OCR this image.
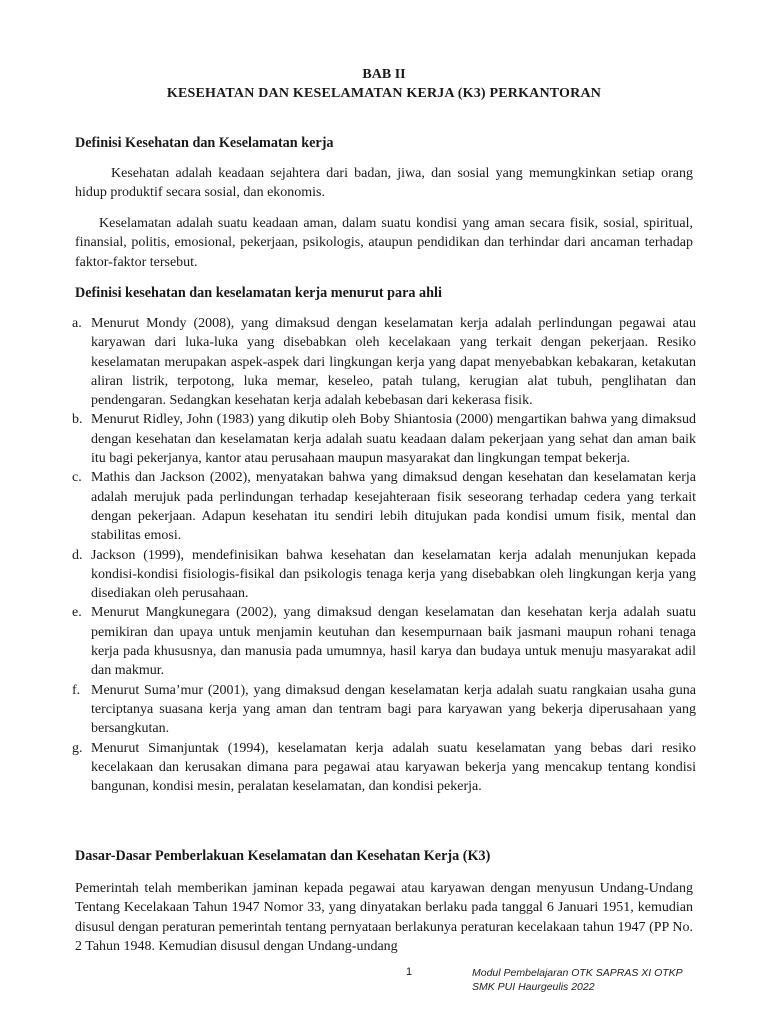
BAB II
KESEHATAN DAN KESELAMATAN KERJA (K3) PERKANTORAN
Definisi Kesehatan dan Keselamatan kerja
Kesehatan adalah keadaan sejahtera dari badan, jiwa, dan sosial yang memungkinkan setiap orang hidup produktif secara sosial, dan ekonomis.
Keselamatan adalah suatu keadaan aman, dalam suatu kondisi yang aman secara fisik, sosial, spiritual, finansial, politis, emosional, pekerjaan, psikologis, ataupun pendidikan dan terhindar dari ancaman terhadap faktor-faktor tersebut.
Definisi kesehatan dan keselamatan kerja menurut para ahli
a. Menurut Mondy (2008), yang dimaksud dengan keselamatan kerja adalah perlindungan pegawai atau karyawan dari luka-luka yang disebabkan oleh kecelakaan yang terkait dengan pekerjaan. Resiko keselamatan merupakan aspek-aspek dari lingkungan kerja yang dapat menyebabkan kebakaran, ketakutan aliran listrik, terpotong, luka memar, keseleo, patah tulang, kerugian alat tubuh, penglihatan dan pendengaran. Sedangkan kesehatan kerja adalah kebebasan dari kekerasa fisik.
b. Menurut Ridley, John (1983) yang dikutip oleh Boby Shiantosia (2000) mengartikan bahwa yang dimaksud dengan kesehatan dan keselamatan kerja adalah suatu keadaan dalam pekerjaan yang sehat dan aman baik itu bagi pekerjanya, kantor atau perusahaan maupun masyarakat dan lingkungan tempat bekerja.
c. Mathis dan Jackson (2002), menyatakan bahwa yang dimaksud dengan kesehatan dan keselamatan kerja adalah merujuk pada perlindungan terhadap kesejahteraan fisik seseorang terhadap cedera yang terkait dengan pekerjaan. Adapun kesehatan itu sendiri lebih ditujukan pada kondisi umum fisik, mental dan stabilitas emosi.
d. Jackson (1999), mendefinisikan bahwa kesehatan dan keselamatan kerja adalah menunjukan kepada kondisi-kondisi fisiologis-fisikal dan psikologis tenaga kerja yang disebabkan oleh lingkungan kerja yang disediakan oleh perusahaan.
e. Menurut Mangkunegara (2002), yang dimaksud dengan keselamatan dan kesehatan kerja adalah suatu pemikiran dan upaya untuk menjamin keutuhan dan kesempurnaan baik jasmani maupun rohani tenaga kerja pada khususnya, dan manusia pada umumnya, hasil karya dan budaya untuk menuju masyarakat adil dan makmur.
f. Menurut Suma’mur (2001), yang dimaksud dengan keselamatan kerja adalah suatu rangkaian usaha guna terciptanya suasana kerja yang aman dan tentram bagi para karyawan yang bekerja diperusahaan yang bersangkutan.
g. Menurut Simanjuntak (1994), keselamatan kerja adalah suatu keselamatan yang bebas dari resiko kecelakaan dan kerusakan dimana para pegawai atau karyawan bekerja yang mencakup tentang kondisi bangunan, kondisi mesin, peralatan keselamatan, dan kondisi pekerja.
Dasar-Dasar Pemberlakuan Keselamatan dan Kesehatan Kerja (K3)
Pemerintah telah memberikan jaminan kepada pegawai atau karyawan dengan menyusun Undang-Undang Tentang Kecelakaan Tahun 1947 Nomor 33, yang dinyatakan berlaku pada tanggal 6 Januari 1951, kemudian disusul dengan peraturan pemerintah tentang pernyataan berlakunya peraturan kecelakaan tahun 1947 (PP No. 2 Tahun 1948. Kemudian disusul dengan Undang-undang
1	Modul Pembelajaran OTK SAPRAS XI OTKP
SMK PUI Haurgeulis 2022
